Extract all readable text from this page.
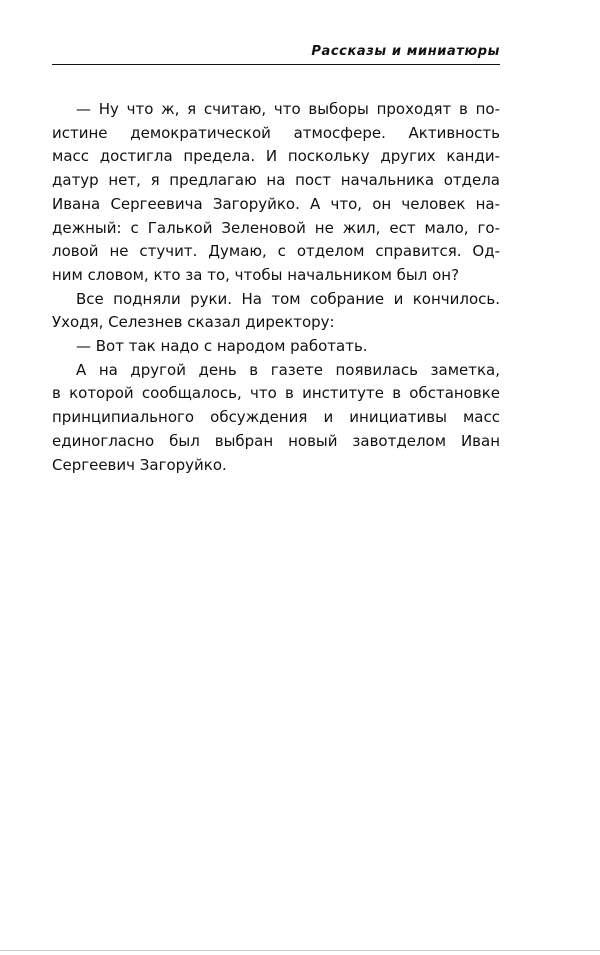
Рассказы и миниатюры
— Ну что ж, я считаю, что выборы проходят в по-
истине демократической атмосфере. Активность
масс достигла предела. И поскольку других канди-
датур нет, я предлагаю на пост начальника отдела
Ивана Сергеевича Загоруйко. А что, он человек на-
дежный: с Галькой Зеленовой не жил, ест мало, го-
ловой не стучит. Думаю, с отделом справится. Од-
ним словом, кто за то, чтобы начальником был он?
Все подняли руки. На том собрание и кончилось.
Уходя, Селезнев сказал директору:
— Вот так надо с народом работать.
А на другой день в газете появилась заметка,
в которой сообщалось, что в институте в обстановке
принципиального обсуждения и инициативы масс
единогласно был выбран новый завотделом Иван
Сергеевич Загоруйко.
